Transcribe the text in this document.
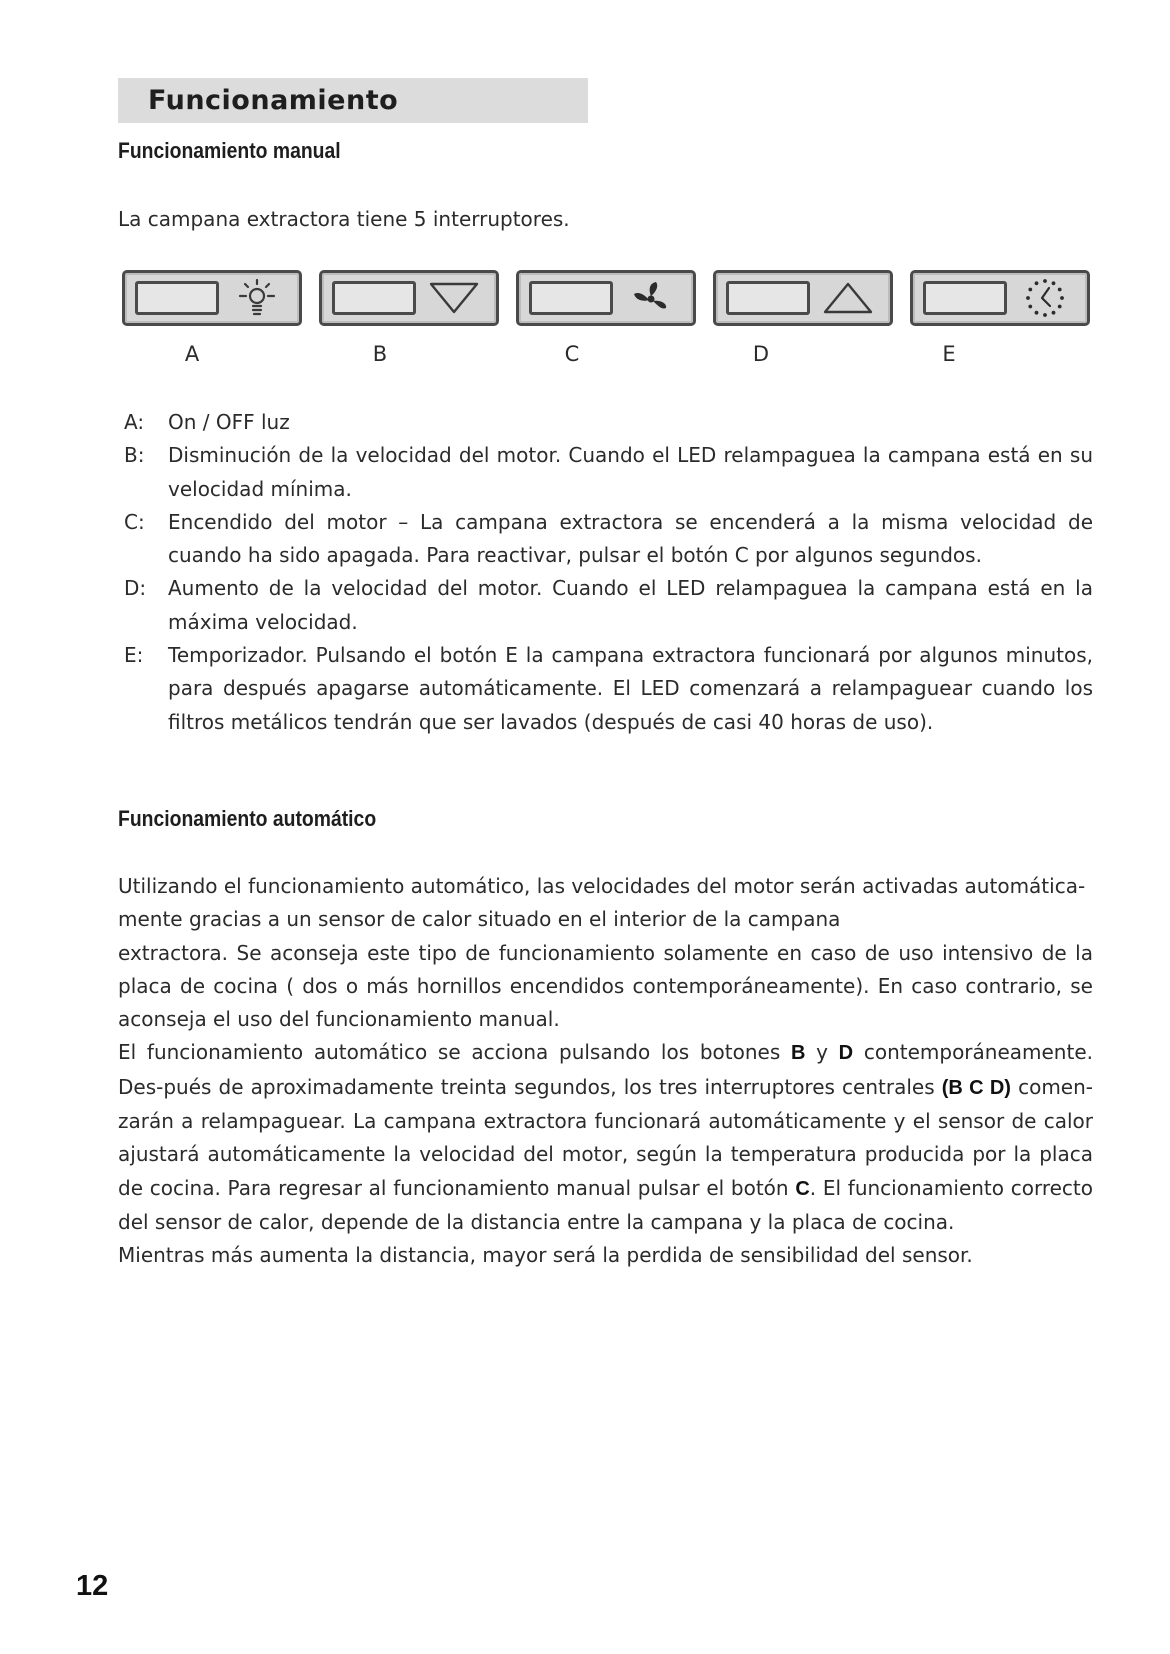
Funcionamiento

Funcionamiento manual

La campana extractora tiene 5 interruptores.

A	B	C	D	E
A:	On / OFF luz
B:	Disminución de la velocidad del motor. Cuando el LED relampaguea la campana está en su velocidad mínima.
C:	Encendido del motor – La campana extractora se encenderá a la misma velocidad de cuando ha sido apagada. Para reactivar, pulsar el botón C por algunos segundos.
D:	Aumento de la velocidad del motor. Cuando el LED relampaguea la campana está en la máxima velocidad.
E:	Temporizador. Pulsando el botón E la campana extractora funcionará por algunos minutos, para después apagarse automáticamente. El LED comenzará a relampaguear cuando los filtros metálicos tendrán que ser lavados (después de casi 40 horas de uso).

Funcionamiento automático

Utilizando el funcionamiento automático, las velocidades del motor serán activadas automática-mente gracias a un sensor de calor situado en el interior de la campana
extractora. Se aconseja este tipo de funcionamiento solamente en caso de uso intensivo de la placa de cocina ( dos o más hornillos encendidos contemporáneamente). En caso contrario, se aconseja el uso del funcionamiento manual.
El funcionamiento automático se acciona pulsando los botones B y D contemporáneamente. Des-pués de aproximadamente treinta segundos, los tres interruptores centrales (B C D) comen-zarán a relampaguear. La campana extractora funcionará automáticamente y el sensor de calor ajustará automáticamente la velocidad del motor, según la temperatura producida por la placa de cocina. Para regresar al funcionamiento manual pulsar el botón C. El funcionamiento correcto del sensor de calor, depende de la distancia entre la campana y la placa de cocina.
Mientras más aumenta la distancia, mayor será la perdida de sensibilidad del sensor.
12
